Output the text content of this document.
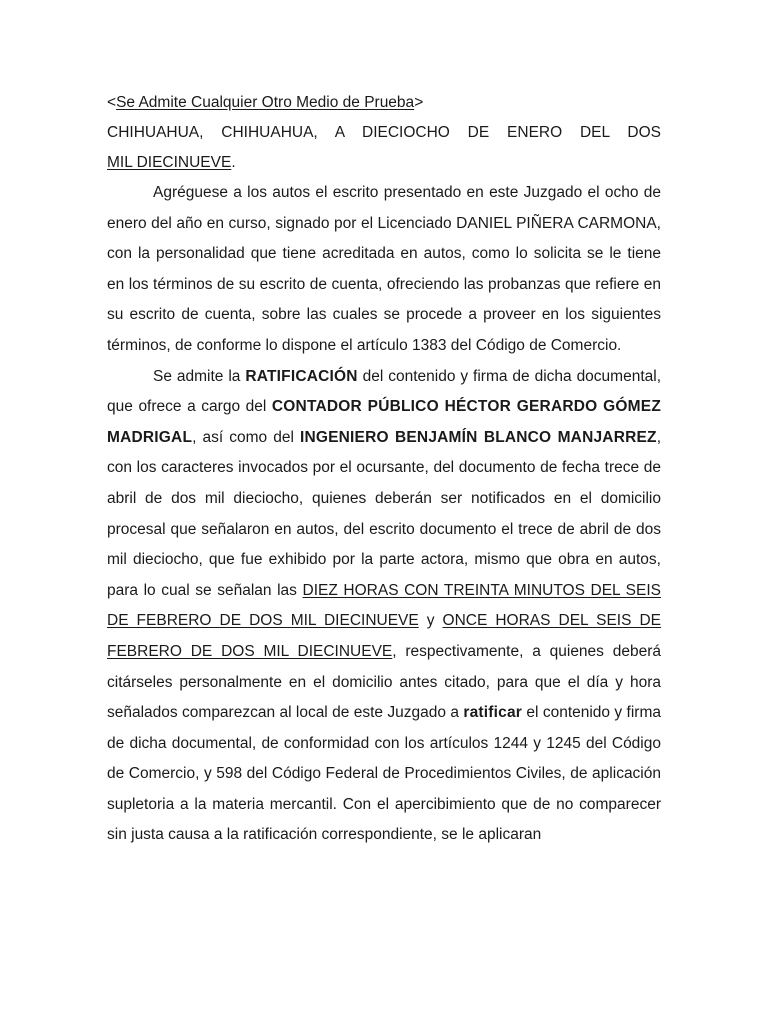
<Se Admite Cualquier Otro Medio de Prueba>

CHIHUAHUA, CHIHUAHUA, A DIECIOCHO DE ENERO DEL DOS

MIL DIECINUEVE.

Agréguese a los autos el escrito presentado en este Juzgado el ocho de enero del año en curso, signado por el Licenciado DANIEL PIÑERA CARMONA, con la personalidad que tiene acreditada en autos, como lo solicita se le tiene en los términos de su escrito de cuenta, ofreciendo las probanzas que refiere en su escrito de cuenta, sobre las cuales se procede a proveer en los siguientes términos, de conforme lo dispone el artículo 1383 del Código de Comercio.

Se admite la RATIFICACIÓN del contenido y firma de dicha documental, que ofrece a cargo del CONTADOR PÚBLICO HÉCTOR GERARDO GÓMEZ MADRIGAL, así como del INGENIERO BENJAMÍN BLANCO MANJARREZ, con los caracteres invocados por el ocursante, del documento de fecha trece de abril de dos mil dieciocho, quienes deberán ser notificados en el domicilio procesal que señalaron en autos, del escrito documento el trece de abril de dos mil dieciocho, que fue exhibido por la parte actora, mismo que obra en autos, para lo cual se señalan las DIEZ HORAS CON TREINTA MINUTOS DEL SEIS DE FEBRERO DE DOS MIL DIECINUEVE y ONCE HORAS DEL SEIS DE FEBRERO DE DOS MIL DIECINUEVE, respectivamente, a quienes deberá citárseles personalmente en el domicilio antes citado, para que el día y hora señalados comparezcan al local de este Juzgado a ratificar el contenido y firma de dicha documental, de conformidad con los artículos 1244 y 1245 del Código de Comercio, y 598 del Código Federal de Procedimientos Civiles, de aplicación supletoria a la materia mercantil. Con el apercibimiento que de no comparecer sin justa causa a la ratificación correspondiente, se le aplicaran
